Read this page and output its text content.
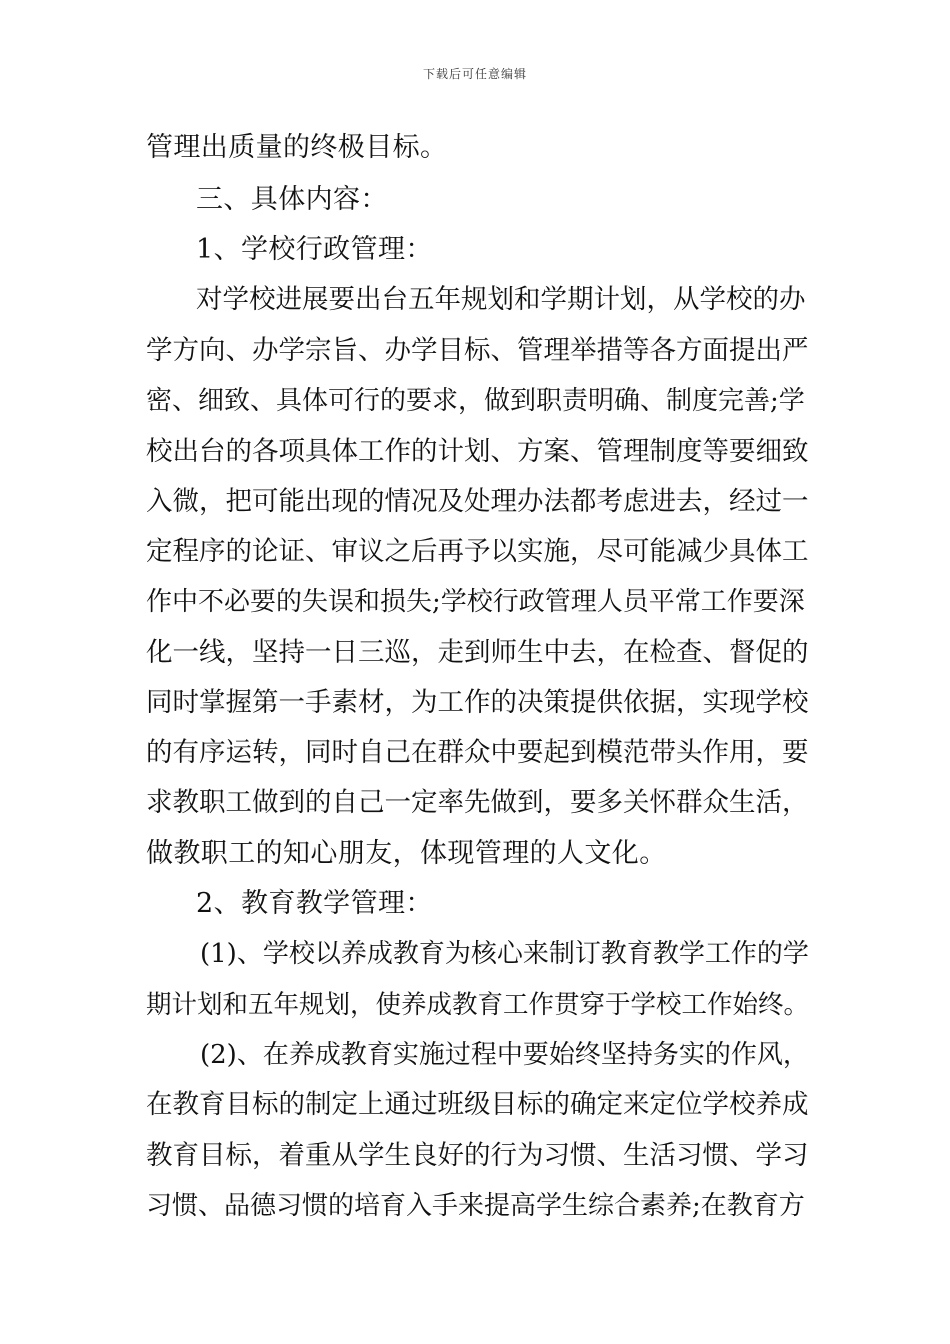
下载后可任意编辑
管理出质量的终极目标。
三、具体内容：
1、学校行政管理：
对学校进展要出台五年规划和学期计划，从学校的办
学方向、办学宗旨、办学目标、管理举措等各方面提出严
密、细致、具体可行的要求，做到职责明确、制度完善;学
校出台的各项具体工作的计划、方案、管理制度等要细致
入微，把可能出现的情况及处理办法都考虑进去，经过一
定程序的论证、审议之后再予以实施，尽可能减少具体工
作中不必要的失误和损失;学校行政管理人员平常工作要深
化一线，坚持一日三巡，走到师生中去，在检查、督促的
同时掌握第一手素材，为工作的决策提供依据，实现学校
的有序运转，同时自己在群众中要起到模范带头作用，要
求教职工做到的自己一定率先做到，要多关怀群众生活，
做教职工的知心朋友，体现管理的人文化。
2、教育教学管理：
(1)、学校以养成教育为核心来制订教育教学工作的学
期计划和五年规划，使养成教育工作贯穿于学校工作始终。
(2)、在养成教育实施过程中要始终坚持务实的作风，
在教育目标的制定上通过班级目标的确定来定位学校养成
教育目标，着重从学生良好的行为习惯、生活习惯、学习
习惯、品德习惯的培育入手来提高学生综合素养;在教育方
